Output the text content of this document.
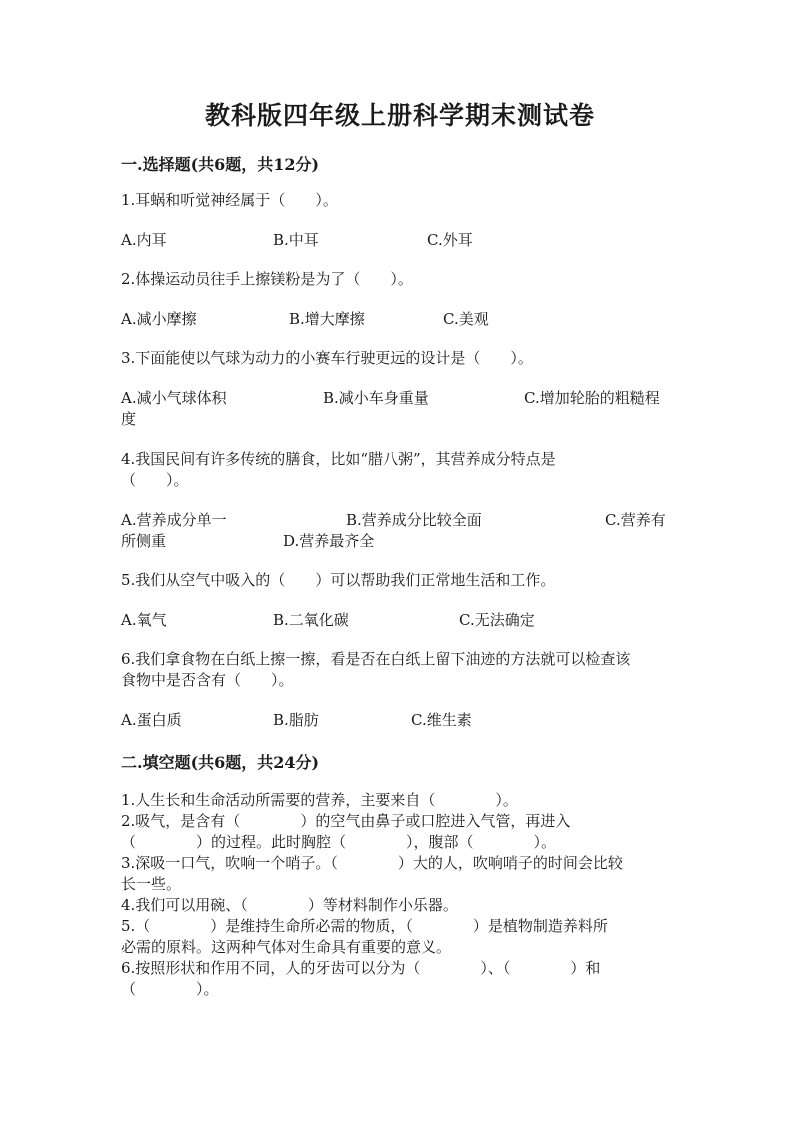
教科版四年级上册科学期末测试卷
一.选择题(共6题，共12分)
1.耳蜗和听觉神经属于（　　）。
A.内耳	B.中耳	C.外耳
2.体操运动员往手上擦镁粉是为了（　　）。
A.减小摩擦	B.增大摩擦	C.美观
3.下面能使以气球为动力的小赛车行驶更远的设计是（　　）。
A.减小气球体积	B.减小车身重量	C.增加轮胎的粗糙程
度
4.我国民间有许多传统的膳食，比如“腊八粥”，其营养成分特点是
（　　）。
A.营养成分单一	B.营养成分比较全面	C.营养有
所侧重	D.营养最齐全
5.我们从空气中吸入的（　　）可以帮助我们正常地生活和工作。
A.氧气	B.二氧化碳	C.无法确定
6.我们拿食物在白纸上擦一擦，看是否在白纸上留下油迹的方法就可以检查该
食物中是否含有（　　）。
A.蛋白质	B.脂肪	C.维生素
二.填空题(共6题，共24分)
1.人生长和生命活动所需要的营养，主要来自（　　　　）。
2.吸气，是含有（　　　　）的空气由鼻子或口腔进入气管，再进入
（　　　　）的过程。此时胸腔（　　　　），腹部（　　　　）。
3.深吸一口气，吹响一个哨子。（　　　　）大的人，吹响哨子的时间会比较
长一些。
4.我们可以用碗、（　　　　）等材料制作小乐器。
5.（　　　　）是维持生命所必需的物质，（　　　　）是植物制造养料所
必需的原料。这两种气体对生命具有重要的意义。
6.按照形状和作用不同，人的牙齿可以分为（　　　　）、（　　　　）和
（　　　　）。
